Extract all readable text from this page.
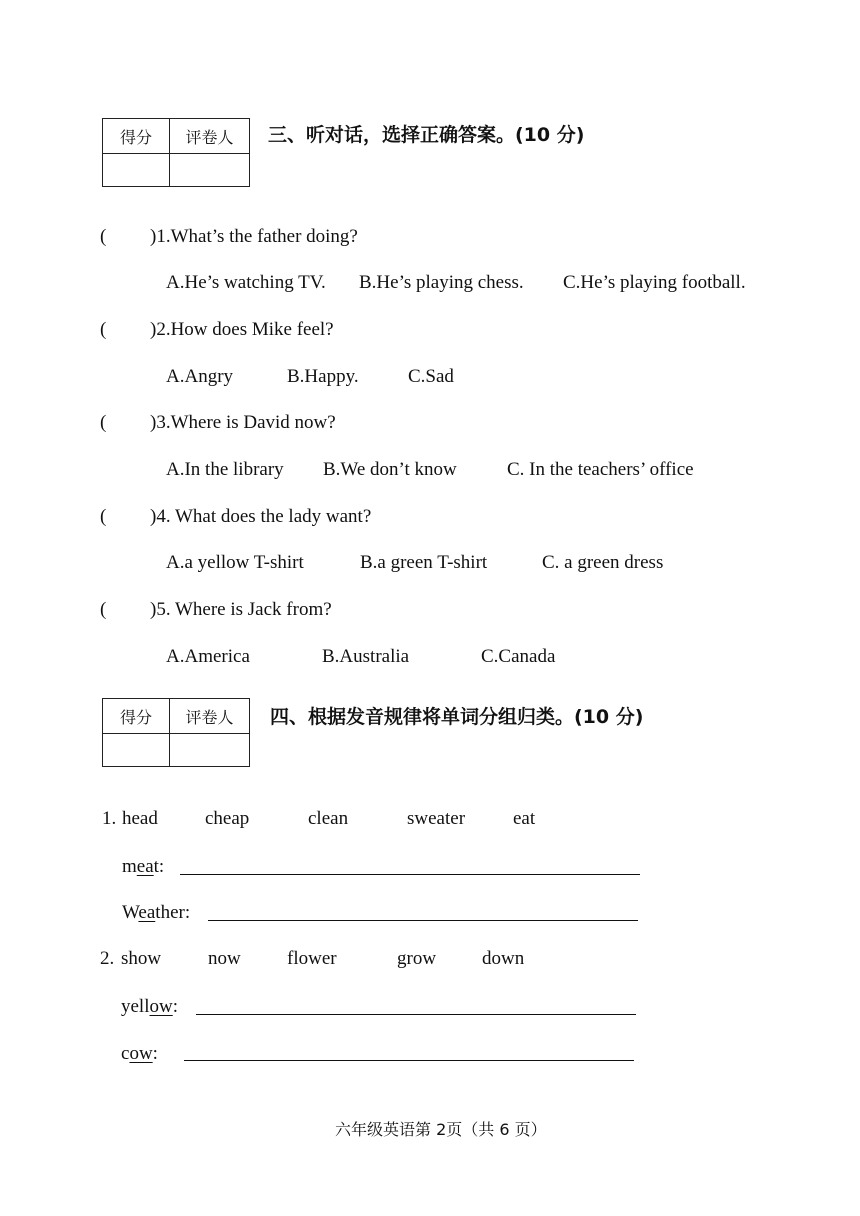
得分	评卷人
	三、听对话，选择正确答案。(10 分)
( )1.What’s the father doing?
A.He’s watching TV. B.He’s playing chess. C.He’s playing football.
( )2.How does Mike feel?
A.Angry	B.Happy.	C.Sad
( )3.Where is David now?
A.In the library B.We don’t know	C. In the teachers’ office
( )4. What does the lady want?
A.a yellow T-shirt	B.a green T-shirt	C. a green dress
( )5. Where is Jack from?
A.America	B.Australia	C.Canada
得分	评卷人
	四、根据发音规律将单词分组归类。(10 分)
1. head cheap	clean	sweater	eat
meat:
Weather:
2. show now flower	grow down
yellow:
cow:
六年级英语第 2页（共 6 页）
